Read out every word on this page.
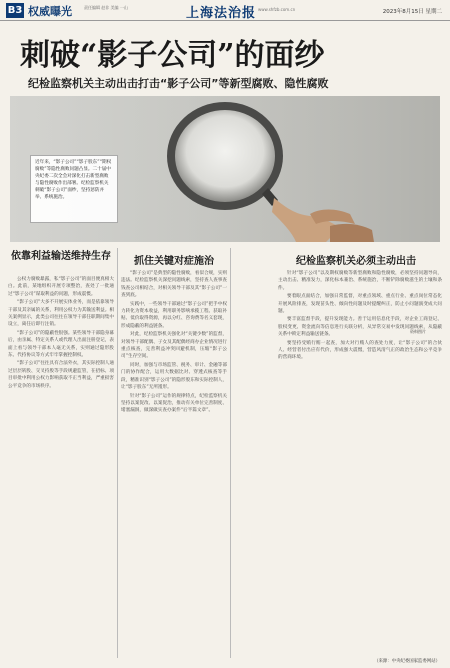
B3 权威曝光	责任编辑 赵非 美编 一山	上海法治报 www.shfzb.com.cn	2023年8月15日 星期二
刺破“影子公司”的面纱
纪检监察机关主动出击打击“影子公司”等新型腐败、隐性腐败
资料图片
近年来，“影子公司”“影子股东”“期权腐败”等隐性腐败问题凸显。二十届中央纪委二次全会对深化打击新型腐败与隐性腐败作出部署。纪检监察机关刺破“影子公司”面纱，坚持惩防并举、系统施治。
依靠利益输送维持生存

公权力腐败暴露，私“影子公司”的面目便真相大白。此前，某地组织开展专项整治，查处了一批通过“影子公司”谋取利益的问题，形成震慑。

“影子公司”大多不开展实体业务，而是依靠领导干部及其亲属的关系，利用公权力为其输送利益。相关案例显示，此类公司往往在领导干部任职期间集中设立，离任后即行注销。

“影子公司”的隐蔽性很强。某些领导干部隐身幕后，由亲属、特定关系人或代理人出面注册登记，表面上看与领导干部本人毫无关系，实则通过隐形股东、代持协议等方式牢牢掌握控制权。

“影子公司”往往具有合法外衣，其实际控制人通过层层转股、交叉持股等手段规避监管，在招标、项目审批中利用公权力影响获取不正当利益，严重损害公平竞争的市场秩序。

抓住关键对症施治

“影子公司”是典型的隐性腐败，看似合规，实则违法。纪检监察机关深挖问题线索，坚持查人查事查钱查公司相结合，对相关领导干部及其“影子公司”一查到底。

实践中，一些领导干部通过“影子公司”把手中权力转化为资本收益，利用职务影响承揽工程、获取补贴、低价取得资源，再以分红、咨询费等名义套现，形成隐蔽的利益链条。

对此，纪检监察机关强化对“关键少数”的监督，对领导干部配偶、子女及其配偶经商办企业情况进行重点核查，完善利益冲突回避机制，压缩“影子公司”生存空间。

同时，加强与市场监管、税务、审计、金融等部门的协作配合，运用大数据比对、穿透式核查等手段，精准识别“影子公司”的隐形股东和实际控制人，让“影子股东”无所遁形。

针对“影子公司”运作的规律特点，纪检监察机关坚持以案促改、以案促治，推动有关单位完善制度、堵塞漏洞，做深做实查办案件“后半篇文章”。

纪检监察机关必须主动出击

针对“影子公司”以及期权腐败等新型腐败和隐性腐败，必须坚持问题导向，主动出击、精准发力，深化标本兼治、系统施治，不断铲除腐败滋生的土壤和条件。

要着眼点面结合，加强日常监督，对重点领域、重点行业、重点岗位常态化开展风险排查，发现苗头性、倾向性问题及时提醒纠正，防止小问题演变成大问题。

要丰富监督手段，提升发现能力。善于运用信息化手段，对企业工商登记、股权变更、资金流向等信息进行关联分析，从异常交易中发现问题线索，从隐蔽关系中锁定利益输送链条。

要坚持受贿行贿一起查，加大对行贿人的查处力度，让“影子公司”的合伙人、经营者付出应有代价，形成强大震慑，营造风清气正的政治生态和公平竞争的营商环境。

（来源：中央纪委国家监委网站）
